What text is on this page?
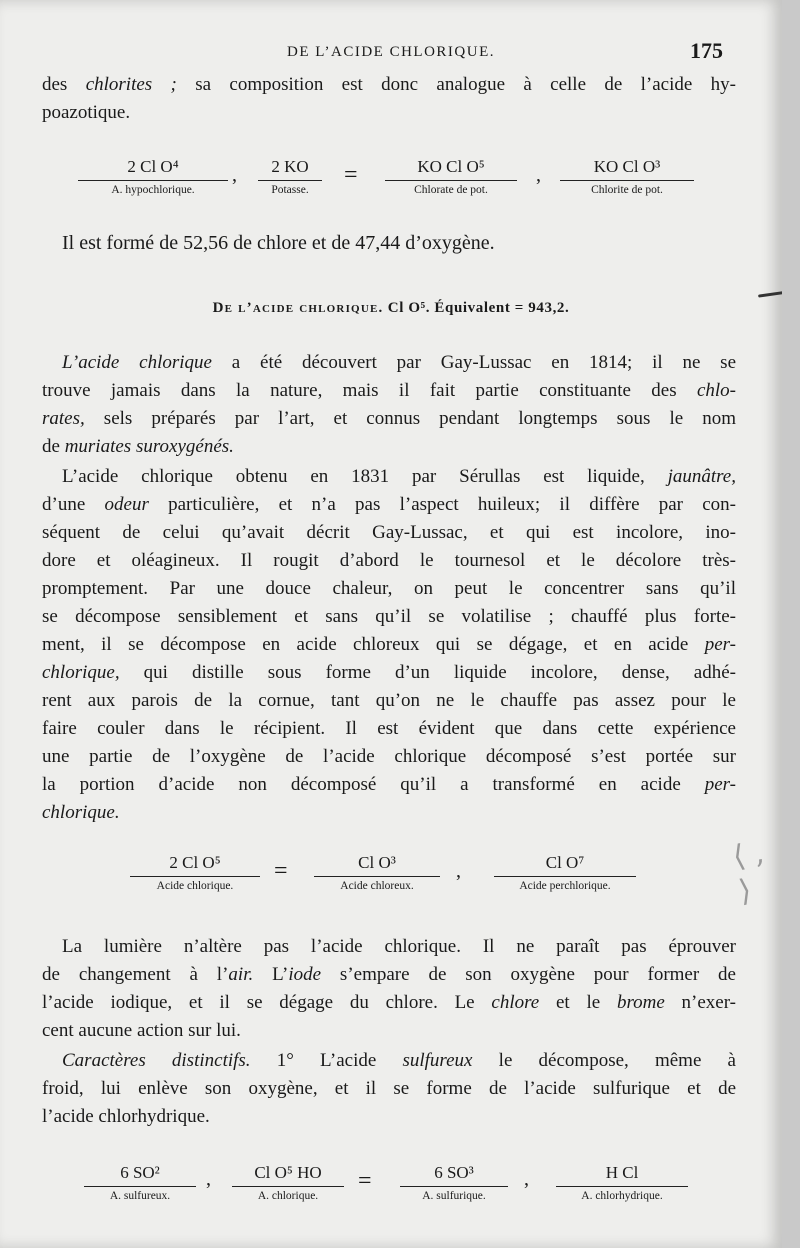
DE L’ACIDE CHLORIQUE.	175
des chlorites ; sa composition est donc analogue à celle de l’acide hy-
poazotique.
2 Cl O⁴
A. hypochlorique.
,	2 KO
Potasse.
=	KO Cl O⁵
Chlorate de pot.
,	KO Cl O³
Chlorite de pot.
Il est formé de 52,56 de chlore et de 47,44 d’oxygène.
De l’acide chlorique. Cl O⁵. Équivalent = 943,2.
L’acide chlorique a été découvert par Gay-Lussac en 1814; il ne se
trouve jamais dans la nature, mais il fait partie constituante des chlo-
rates, sels préparés par l’art, et connus pendant longtemps sous le nom
de muriates suroxygénés.
L’acide chlorique obtenu en 1831 par Sérullas est liquide, jaunâtre,
d’une odeur particulière, et n’a pas l’aspect huileux; il diffère par con-
séquent de celui qu’avait décrit Gay-Lussac, et qui est incolore, ino-
dore et oléagineux. Il rougit d’abord le tournesol et le décolore très-
promptement. Par une douce chaleur, on peut le concentrer sans qu’il
se décompose sensiblement et sans qu’il se volatilise ; chauffé plus forte-
ment, il se décompose en acide chloreux qui se dégage, et en acide per-
chlorique, qui distille sous forme d’un liquide incolore, dense, adhé-
rent aux parois de la cornue, tant qu’on ne le chauffe pas assez pour le
faire couler dans le récipient. Il est évident que dans cette expérience
une partie de l’oxygène de l’acide chlorique décomposé s’est portée sur
la portion d’acide non décomposé qu’il a transformé en acide per-
chlorique.
2 Cl O⁵
Acide chlorique.
=	Cl O³
Acide chloreux.
,	Cl O⁷
Acide perchlorique.
⟨ , ⟩
La lumière n’altère pas l’acide chlorique. Il ne paraît pas éprouver
de changement à l’air. L’iode s’empare de son oxygène pour former de
l’acide iodique, et il se dégage du chlore. Le chlore et le brome n’exer-
cent aucune action sur lui.
Caractères distinctifs. 1° L’acide sulfureux le décompose, même à
froid, lui enlève son oxygène, et il se forme de l’acide sulfurique et de
l’acide chlorhydrique.
6 SO²
A. sulfureux.
,	Cl O⁵ HO
A. chlorique.
=	6 SO³
A. sulfurique.
,	H Cl
A. chlorhydrique.
